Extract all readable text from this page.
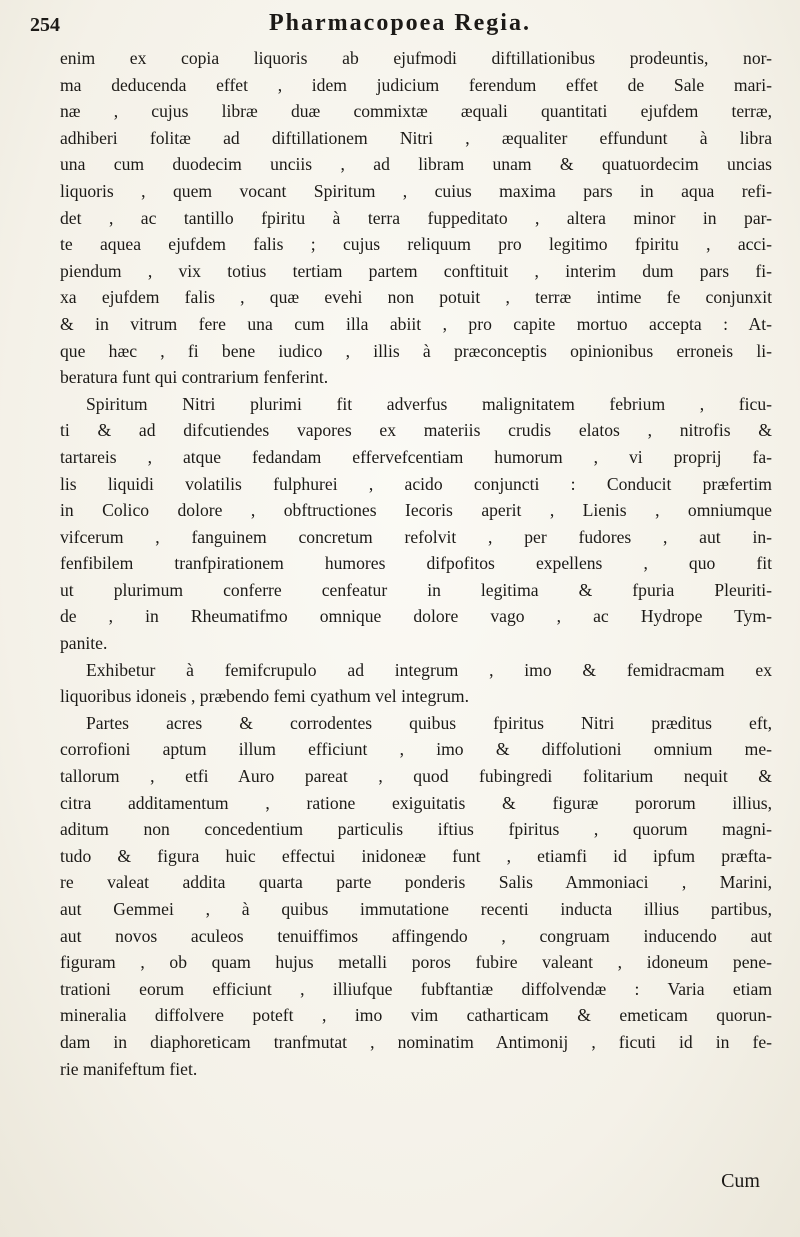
254	Pharmacopoea Regia.
enim ex copia liquoris ab ejufmodi diftillationibus prodeuntis, nor-
ma deducenda effet , idem judicium ferendum effet de Sale mari-
næ , cujus libræ duæ commixtæ æquali quantitati ejufdem terræ,
adhiberi folitæ ad diftillationem Nitri , æqualiter effundunt à libra
una cum duodecim unciis , ad libram unam & quatuordecim uncias
liquoris , quem vocant Spiritum , cuius maxima pars in aqua refi-
det , ac tantillo fpiritu à terra fuppeditato , altera minor in par-
te aquea ejufdem falis ; cujus reliquum pro legitimo fpiritu , acci-
piendum , vix totius tertiam partem conftituit , interim dum pars fi-
xa ejufdem falis , quæ evehi non potuit , terræ intime fe conjunxit
& in vitrum fere una cum illa abiit , pro capite mortuo accepta : At-
que hæc , fi bene iudico , illis à præconceptis opinionibus erroneis li-
beratura funt qui contrarium fenferint.
Spiritum Nitri plurimi fit adverfus malignitatem febrium , ficu-
ti & ad difcutiendes vapores ex materiis crudis elatos , nitrofis &
tartareis , atque fedandam effervefcentiam humorum , vi proprij fa-
lis liquidi volatilis fulphurei , acido conjuncti : Conducit præfertim
in Colico dolore , obftructiones Iecoris aperit , Lienis , omniumque
vifcerum , fanguinem concretum refolvit , per fudores , aut in-
fenfibilem tranfpirationem humores difpofitos expellens , quo fit
ut plurimum conferre cenfeatur in legitima & fpuria Pleuriti-
de , in Rheumatifmo omnique dolore vago , ac Hydrope Tym-
panite.
Exhibetur à femifcrupulo ad integrum , imo & femidracmam ex
liquoribus idoneis , præbendo femi cyathum vel integrum.
Partes acres & corrodentes quibus fpiritus Nitri præditus eft,
corrofioni aptum illum efficiunt , imo & diffolutioni omnium me-
tallorum , etfi Auro pareat , quod fubingredi folitarium nequit &
citra additamentum , ratione exiguitatis & figuræ pororum illius,
aditum non concedentium particulis iftius fpiritus , quorum magni-
tudo & figura huic effectui inidoneæ funt , etiamfi id ipfum præfta-
re valeat addita quarta parte ponderis Salis Ammoniaci , Marini,
aut Gemmei , à quibus immutatione recenti inducta illius partibus,
aut novos aculeos tenuiffimos affingendo , congruam inducendo aut
figuram , ob quam hujus metalli poros fubire valeant , idoneum pene-
trationi eorum efficiunt , illiufque fubftantiæ diffolvendæ : Varia etiam
mineralia diffolvere poteft , imo vim catharticam & emeticam quorun-
dam in diaphoreticam tranfmutat , nominatim Antimonij , ficuti id in fe-
rie manifeftum fiet.
Cum
